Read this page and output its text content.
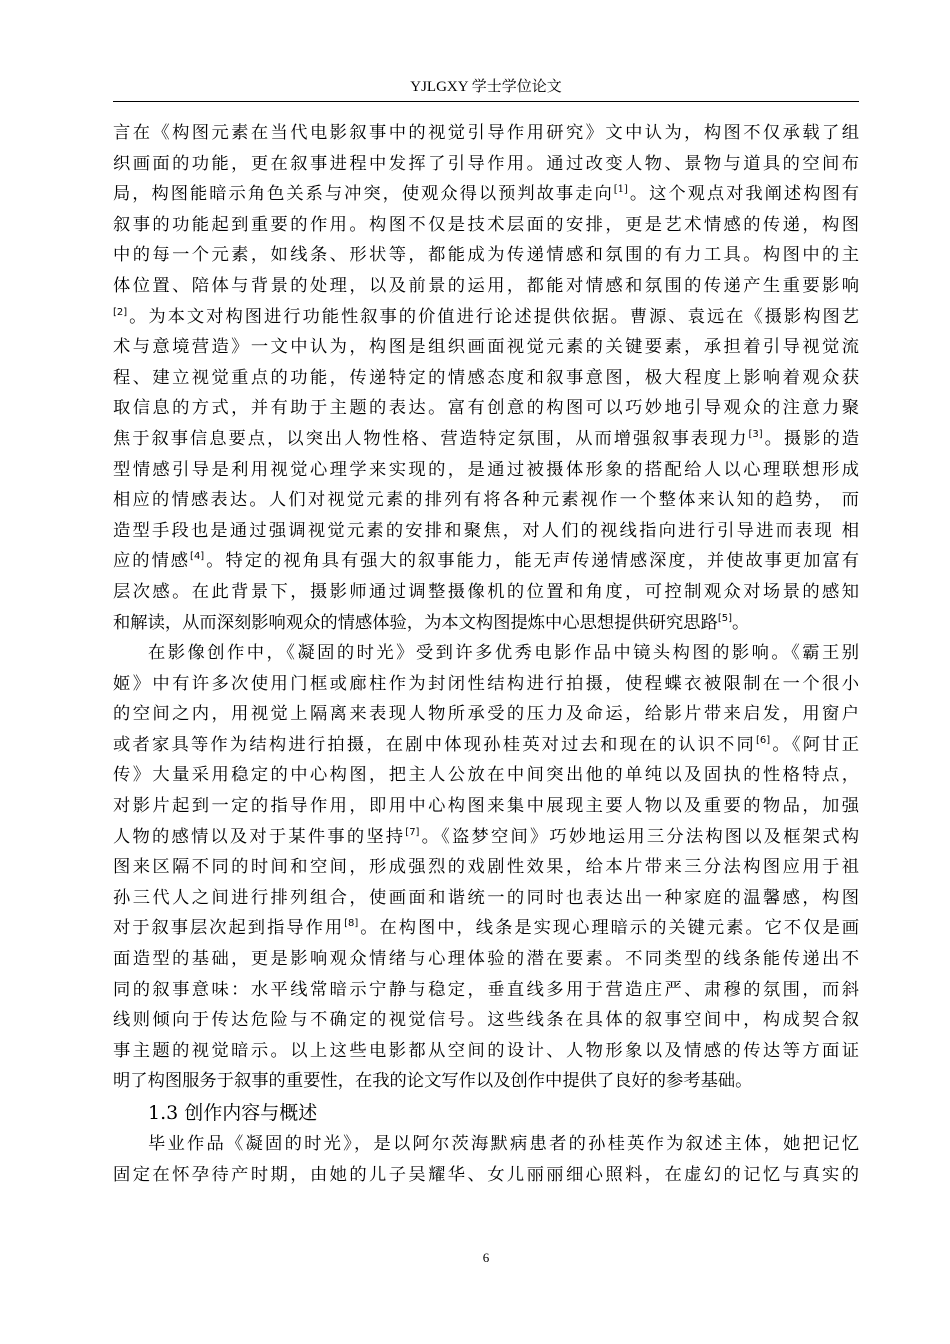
YJLGXY 学士学位论文
言在《构图元素在当代电影叙事中的视觉引导作用研究》文中认为，构图不仅承载了组
织画面的功能，更在叙事进程中发挥了引导作用。通过改变人物、景物与道具的空间布
局，构图能暗示角色关系与冲突，使观众得以预判故事走向[1]。这个观点对我阐述构图有
叙事的功能起到重要的作用。构图不仅是技术层面的安排，更是艺术情感的传递，构图
中的每一个元素，如线条、形状等，都能成为传递情感和氛围的有力工具。构图中的主
体位置、陪体与背景的处理，以及前景的运用，都能对情感和氛围的传递产生重要影响
[2]。为本文对构图进行功能性叙事的价值进行论述提供依据。曹源、袁远在《摄影构图艺
术与意境营造》一文中认为，构图是组织画面视觉元素的关键要素，承担着引导视觉流
程、建立视觉重点的功能，传递特定的情感态度和叙事意图，极大程度上影响着观众获
取信息的方式，并有助于主题的表达。富有创意的构图可以巧妙地引导观众的注意力聚
焦于叙事信息要点，以突出人物性格、营造特定氛围，从而增强叙事表现力[3]。摄影的造
型情感引导是利用视觉心理学来实现的，是通过被摄体形象的搭配给人以心理联想形成
相应的情感表达。人们对视觉元素的排列有将各种元素视作一个整体来认知的趋势， 而
造型手段也是通过强调视觉元素的安排和聚焦，对人们的视线指向进行引导进而表现 相
应的情感[4]。特定的视角具有强大的叙事能力，能无声传递情感深度，并使故事更加富有
层次感。在此背景下，摄影师通过调整摄像机的位置和角度，可控制观众对场景的感知
和解读，从而深刻影响观众的情感体验，为本文构图提炼中心思想提供研究思路[5]。
在影像创作中，《凝固的时光》受到许多优秀电影作品中镜头构图的影响。《霸王别
姬》中有许多次使用门框或廊柱作为封闭性结构进行拍摄，使程蝶衣被限制在一个很小
的空间之内，用视觉上隔离来表现人物所承受的压力及命运，给影片带来启发，用窗户
或者家具等作为结构进行拍摄，在剧中体现孙桂英对过去和现在的认识不同[6]。《阿甘正
传》大量采用稳定的中心构图，把主人公放在中间突出他的单纯以及固执的性格特点，
对影片起到一定的指导作用，即用中心构图来集中展现主要人物以及重要的物品，加强
人物的感情以及对于某件事的坚持[7]。《盗梦空间》巧妙地运用三分法构图以及框架式构
图来区隔不同的时间和空间，形成强烈的戏剧性效果，给本片带来三分法构图应用于祖
孙三代人之间进行排列组合，使画面和谐统一的同时也表达出一种家庭的温馨感，构图
对于叙事层次起到指导作用[8]。在构图中，线条是实现心理暗示的关键元素。它不仅是画
面造型的基础，更是影响观众情绪与心理体验的潜在要素。不同类型的线条能传递出不
同的叙事意味：水平线常暗示宁静与稳定，垂直线多用于营造庄严、肃穆的氛围，而斜
线则倾向于传达危险与不确定的视觉信号。这些线条在具体的叙事空间中，构成契合叙
事主题的视觉暗示。以上这些电影都从空间的设计、人物形象以及情感的传达等方面证
明了构图服务于叙事的重要性，在我的论文写作以及创作中提供了良好的参考基础。
1.3 创作内容与概述
毕业作品《凝固的时光》，是以阿尔茨海默病患者的孙桂英作为叙述主体，她把记忆
固定在怀孕待产时期，由她的儿子吴耀华、女儿丽丽细心照料，在虚幻的记忆与真实的
6
